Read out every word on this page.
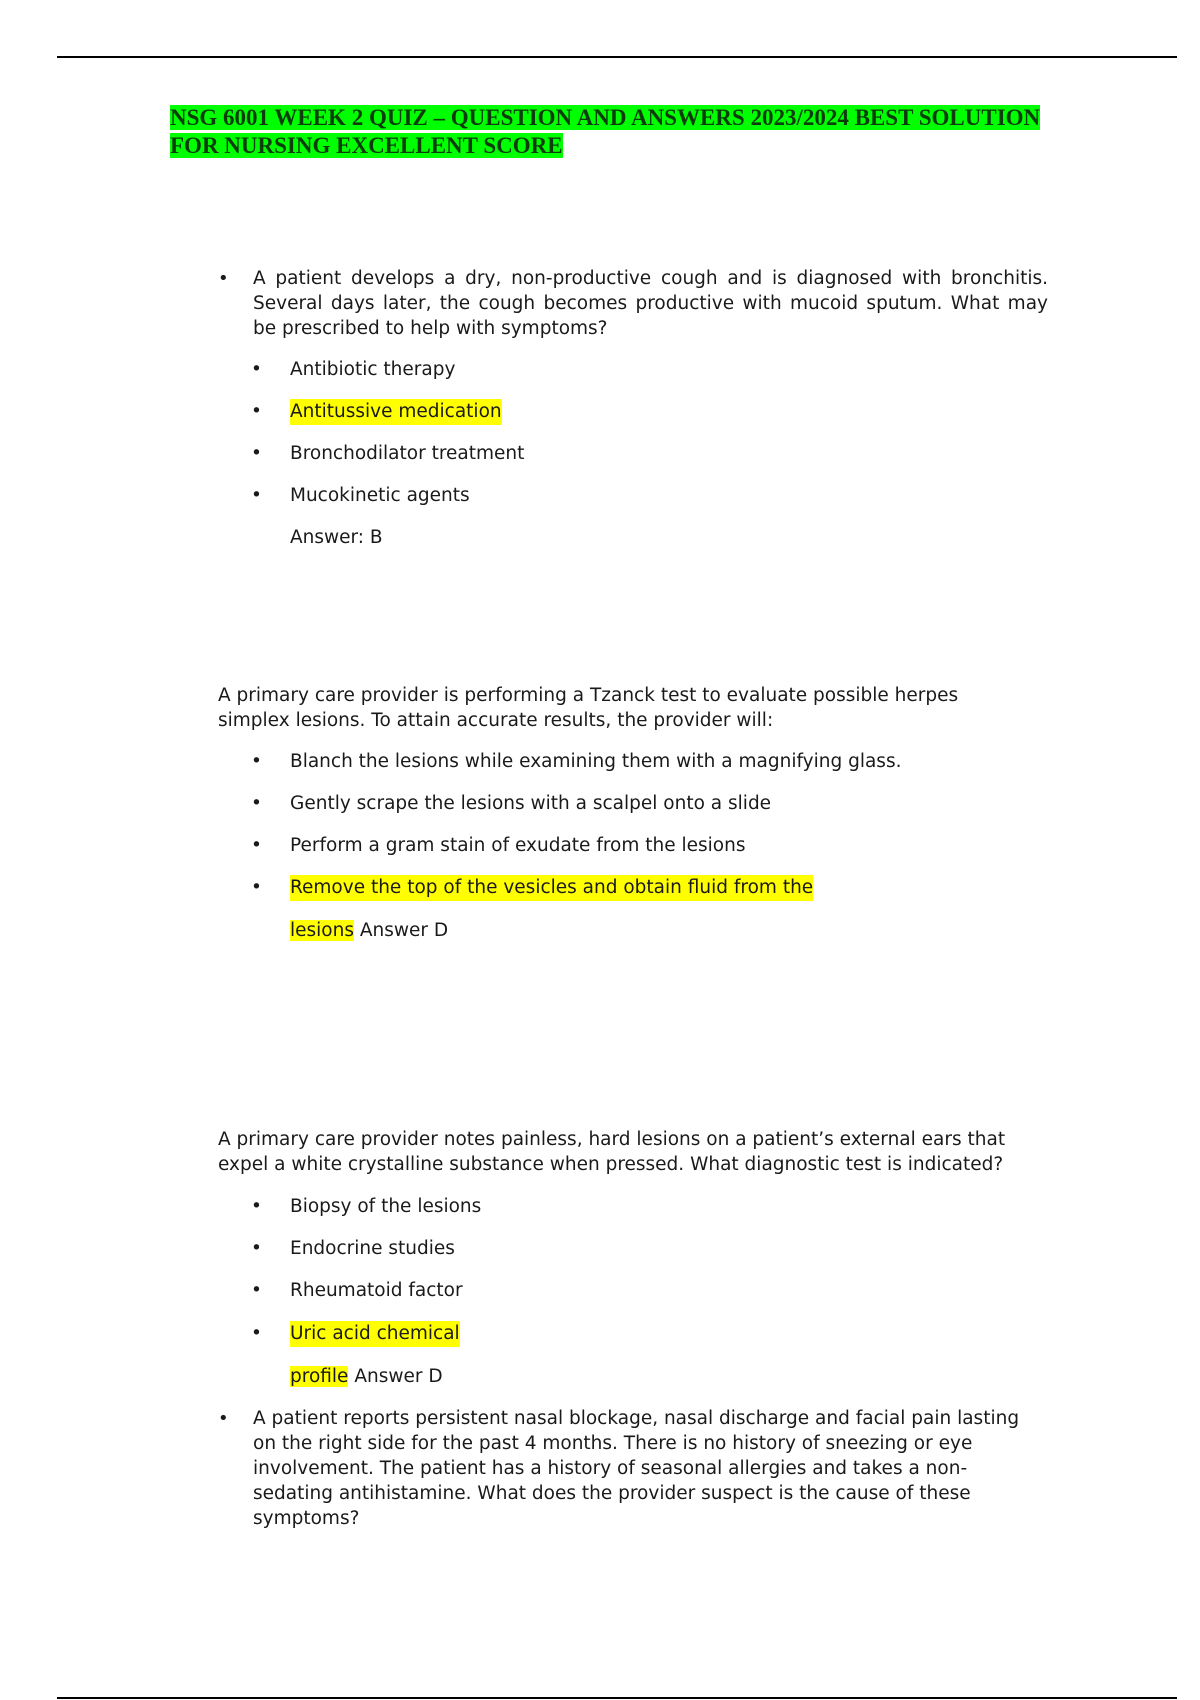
NSG 6001 WEEK 2 QUIZ – QUESTION AND ANSWERS 2023/2024 BEST SOLUTION
FOR NURSING EXCELLENT SCORE
• A patient develops a dry, non-productive cough and is diagnosed with bronchitis. Several days later, the cough becomes productive with mucoid sputum. What may be prescribed to help with symptoms?

• Antibiotic therapy
• Antitussive medication
• Bronchodilator treatment
• Mucokinetic agents
Answer: B

A primary care provider is performing a Tzanck test to evaluate possible herpes simplex lesions. To attain accurate results, the provider will:

• Blanch the lesions while examining them with a magnifying glass.
• Gently scrape the lesions with a scalpel onto a slide
• Perform a gram stain of exudate from the lesions
• Remove the top of the vesicles and obtain fluid from the
lesions Answer D

A primary care provider notes painless, hard lesions on a patient’s external ears that expel a white crystalline substance when pressed. What diagnostic test is indicated?

• Biopsy of the lesions
• Endocrine studies
• Rheumatoid factor
• Uric acid chemical
profile Answer D
• A patient reports persistent nasal blockage, nasal discharge and facial pain lasting on the right side for the past 4 months. There is no history of sneezing or eye involvement. The patient has a history of seasonal allergies and takes a non-sedating antihistamine. What does the provider suspect is the cause of these symptoms?
